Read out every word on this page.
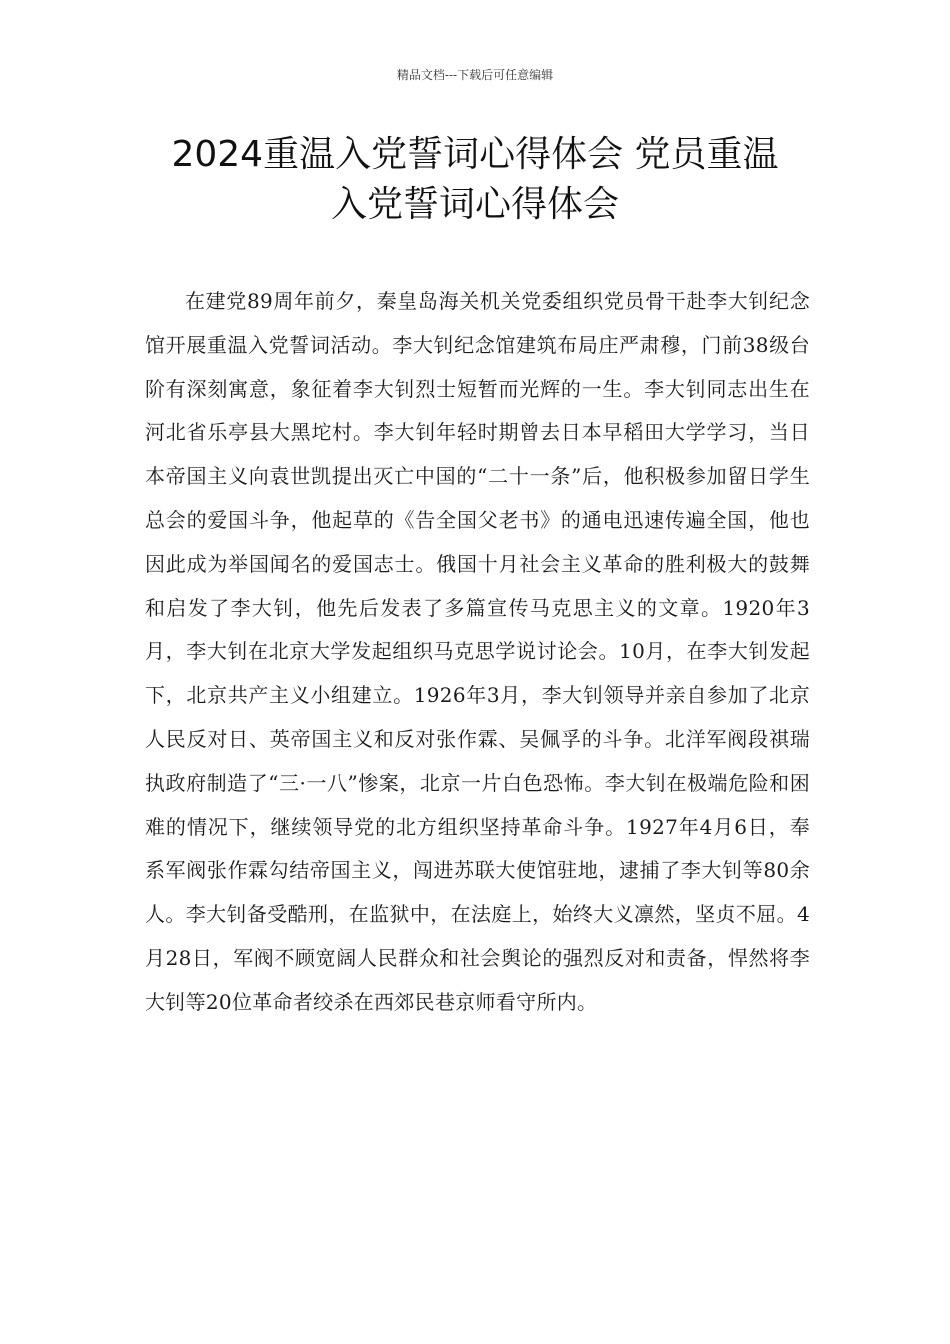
精品文档---下载后可任意编辑
2024重温入党誓词心得体会 党员重温
入党誓词心得体会

在建党89周年前夕，秦皇岛海关机关党委组织党员骨干赴李大钊纪念馆开展重温入党誓词活动。李大钊纪念馆建筑布局庄严肃穆，门前38级台阶有深刻寓意，象征着李大钊烈士短暂而光辉的一生。李大钊同志出生在河北省乐亭县大黑坨村。李大钊年轻时期曾去日本早稻田大学学习，当日本帝国主义向袁世凯提出灭亡中国的“二十一条”后，他积极参加留日学生总会的爱国斗争，他起草的《告全国父老书》的通电迅速传遍全国，他也因此成为举国闻名的爱国志士。俄国十月社会主义革命的胜利极大的鼓舞和启发了李大钊，他先后发表了多篇宣传马克思主义的文章。1920年3月，李大钊在北京大学发起组织马克思学说讨论会。10月，在李大钊发起下，北京共产主义小组建立。1926年3月，李大钊领导并亲自参加了北京人民反对日、英帝国主义和反对张作霖、吴佩孚的斗争。北洋军阀段祺瑞执政府制造了“三·一八”惨案，北京一片白色恐怖。李大钊在极端危险和困难的情况下，继续领导党的北方组织坚持革命斗争。1927年4月6日，奉系军阀张作霖勾结帝国主义，闯进苏联大使馆驻地，逮捕了李大钊等80余人。李大钊备受酷刑，在监狱中，在法庭上，始终大义凛然，坚贞不屈。4月28日，军阀不顾宽阔人民群众和社会舆论的强烈反对和责备，悍然将李大钊等20位革命者绞杀在西郊民巷京师看守所内。
